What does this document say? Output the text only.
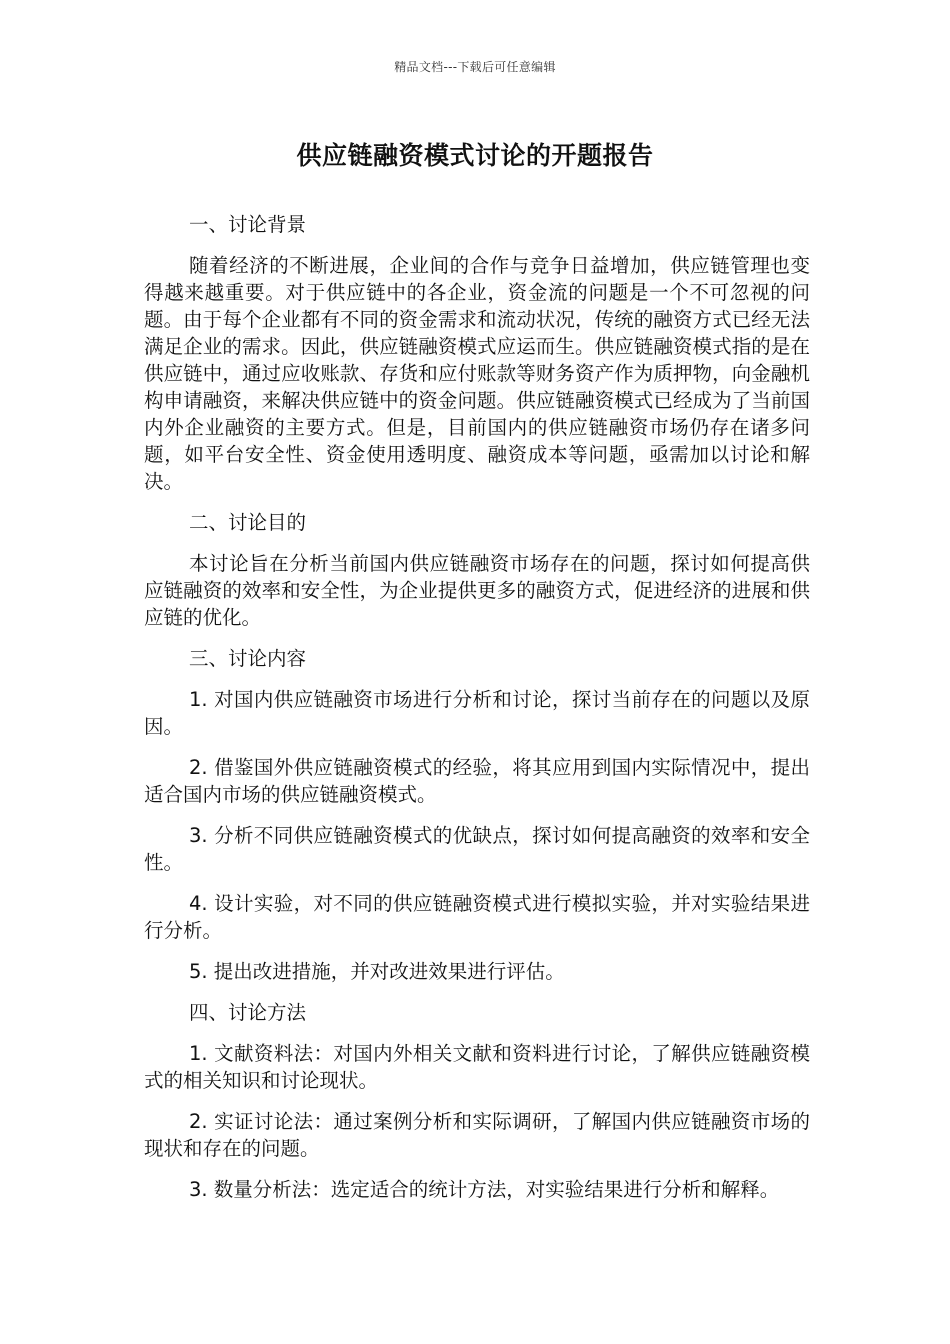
精品文档---下载后可任意编辑
供应链融资模式讨论的开题报告

一、讨论背景

随着经济的不断进展，企业间的合作与竞争日益增加，供应链管理也变得越来越重要。对于供应链中的各企业，资金流的问题是一个不可忽视的问题。由于每个企业都有不同的资金需求和流动状况，传统的融资方式已经无法满足企业的需求。因此，供应链融资模式应运而生。供应链融资模式指的是在供应链中，通过应收账款、存货和应付账款等财务资产作为质押物，向金融机构申请融资，来解决供应链中的资金问题。供应链融资模式已经成为了当前国内外企业融资的主要方式。但是，目前国内的供应链融资市场仍存在诸多问题，如平台安全性、资金使用透明度、融资成本等问题，亟需加以讨论和解决。

二、讨论目的

本讨论旨在分析当前国内供应链融资市场存在的问题，探讨如何提高供应链融资的效率和安全性，为企业提供更多的融资方式，促进经济的进展和供应链的优化。

三、讨论内容

1. 对国内供应链融资市场进行分析和讨论，探讨当前存在的问题以及原因。

2. 借鉴国外供应链融资模式的经验，将其应用到国内实际情况中，提出适合国内市场的供应链融资模式。

3. 分析不同供应链融资模式的优缺点，探讨如何提高融资的效率和安全性。

4. 设计实验，对不同的供应链融资模式进行模拟实验，并对实验结果进行分析。

5. 提出改进措施，并对改进效果进行评估。

四、讨论方法

1. 文献资料法：对国内外相关文献和资料进行讨论，了解供应链融资模式的相关知识和讨论现状。

2. 实证讨论法：通过案例分析和实际调研，了解国内供应链融资市场的现状和存在的问题。

3. 数量分析法：选定适合的统计方法，对实验结果进行分析和解释。
